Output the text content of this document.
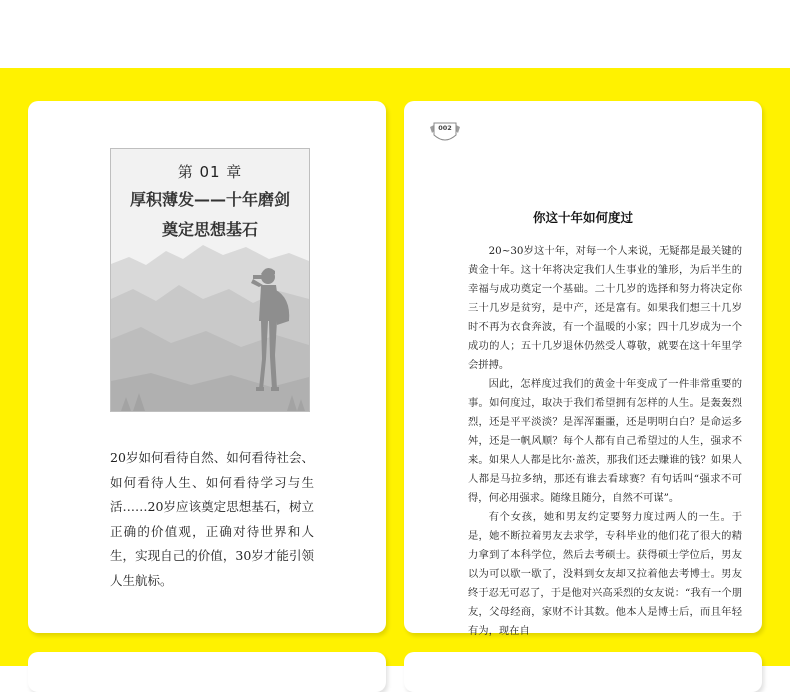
第 01 章
厚积薄发——十年磨剑
奠定思想基石
20岁如何看待自然、如何看待社会、如何看待人生、如何看待学习与生活……20岁应该奠定思想基石，树立正确的价值观，正确对待世界和人生，实现自己的价值，30岁才能引领人生航标。
002
你这十年如何度过

20~30岁这十年，对每一个人来说，无疑都是最关键的黄金十年。这十年将决定我们人生事业的雏形，为后半生的幸福与成功奠定一个基础。二十几岁的选择和努力将决定你三十几岁是贫穷，是中产，还是富有。如果我们想三十几岁时不再为衣食奔波，有一个温暖的小家；四十几岁成为一个成功的人；五十几岁退休仍然受人尊敬，就要在这十年里学会拼搏。

因此，怎样度过我们的黄金十年变成了一件非常重要的事。如何度过，取决于我们希望拥有怎样的人生。是轰轰烈烈，还是平平淡淡？是浑浑噩噩，还是明明白白？是命运多舛，还是一帆风顺？每个人都有自己希望过的人生，强求不来。如果人人都是比尔·盖茨，那我们还去赚谁的钱？如果人人都是马拉多纳，那还有谁去看球赛？有句话叫“强求不可得，何必用强求。随缘且随分，自然不可谋”。

有个女孩，她和男友约定要努力度过两人的一生。于是，她不断拉着男友去求学，专科毕业的他们花了很大的精力拿到了本科学位，然后去考硕士。获得硕士学位后，男友以为可以歇一歇了，没料到女友却又拉着他去考博士。男友终于忍无可忍了，于是他对兴高采烈的女友说：“我有一个朋友，父母经商，家财不计其数。他本人是博士后，而且年轻有为，现在自
